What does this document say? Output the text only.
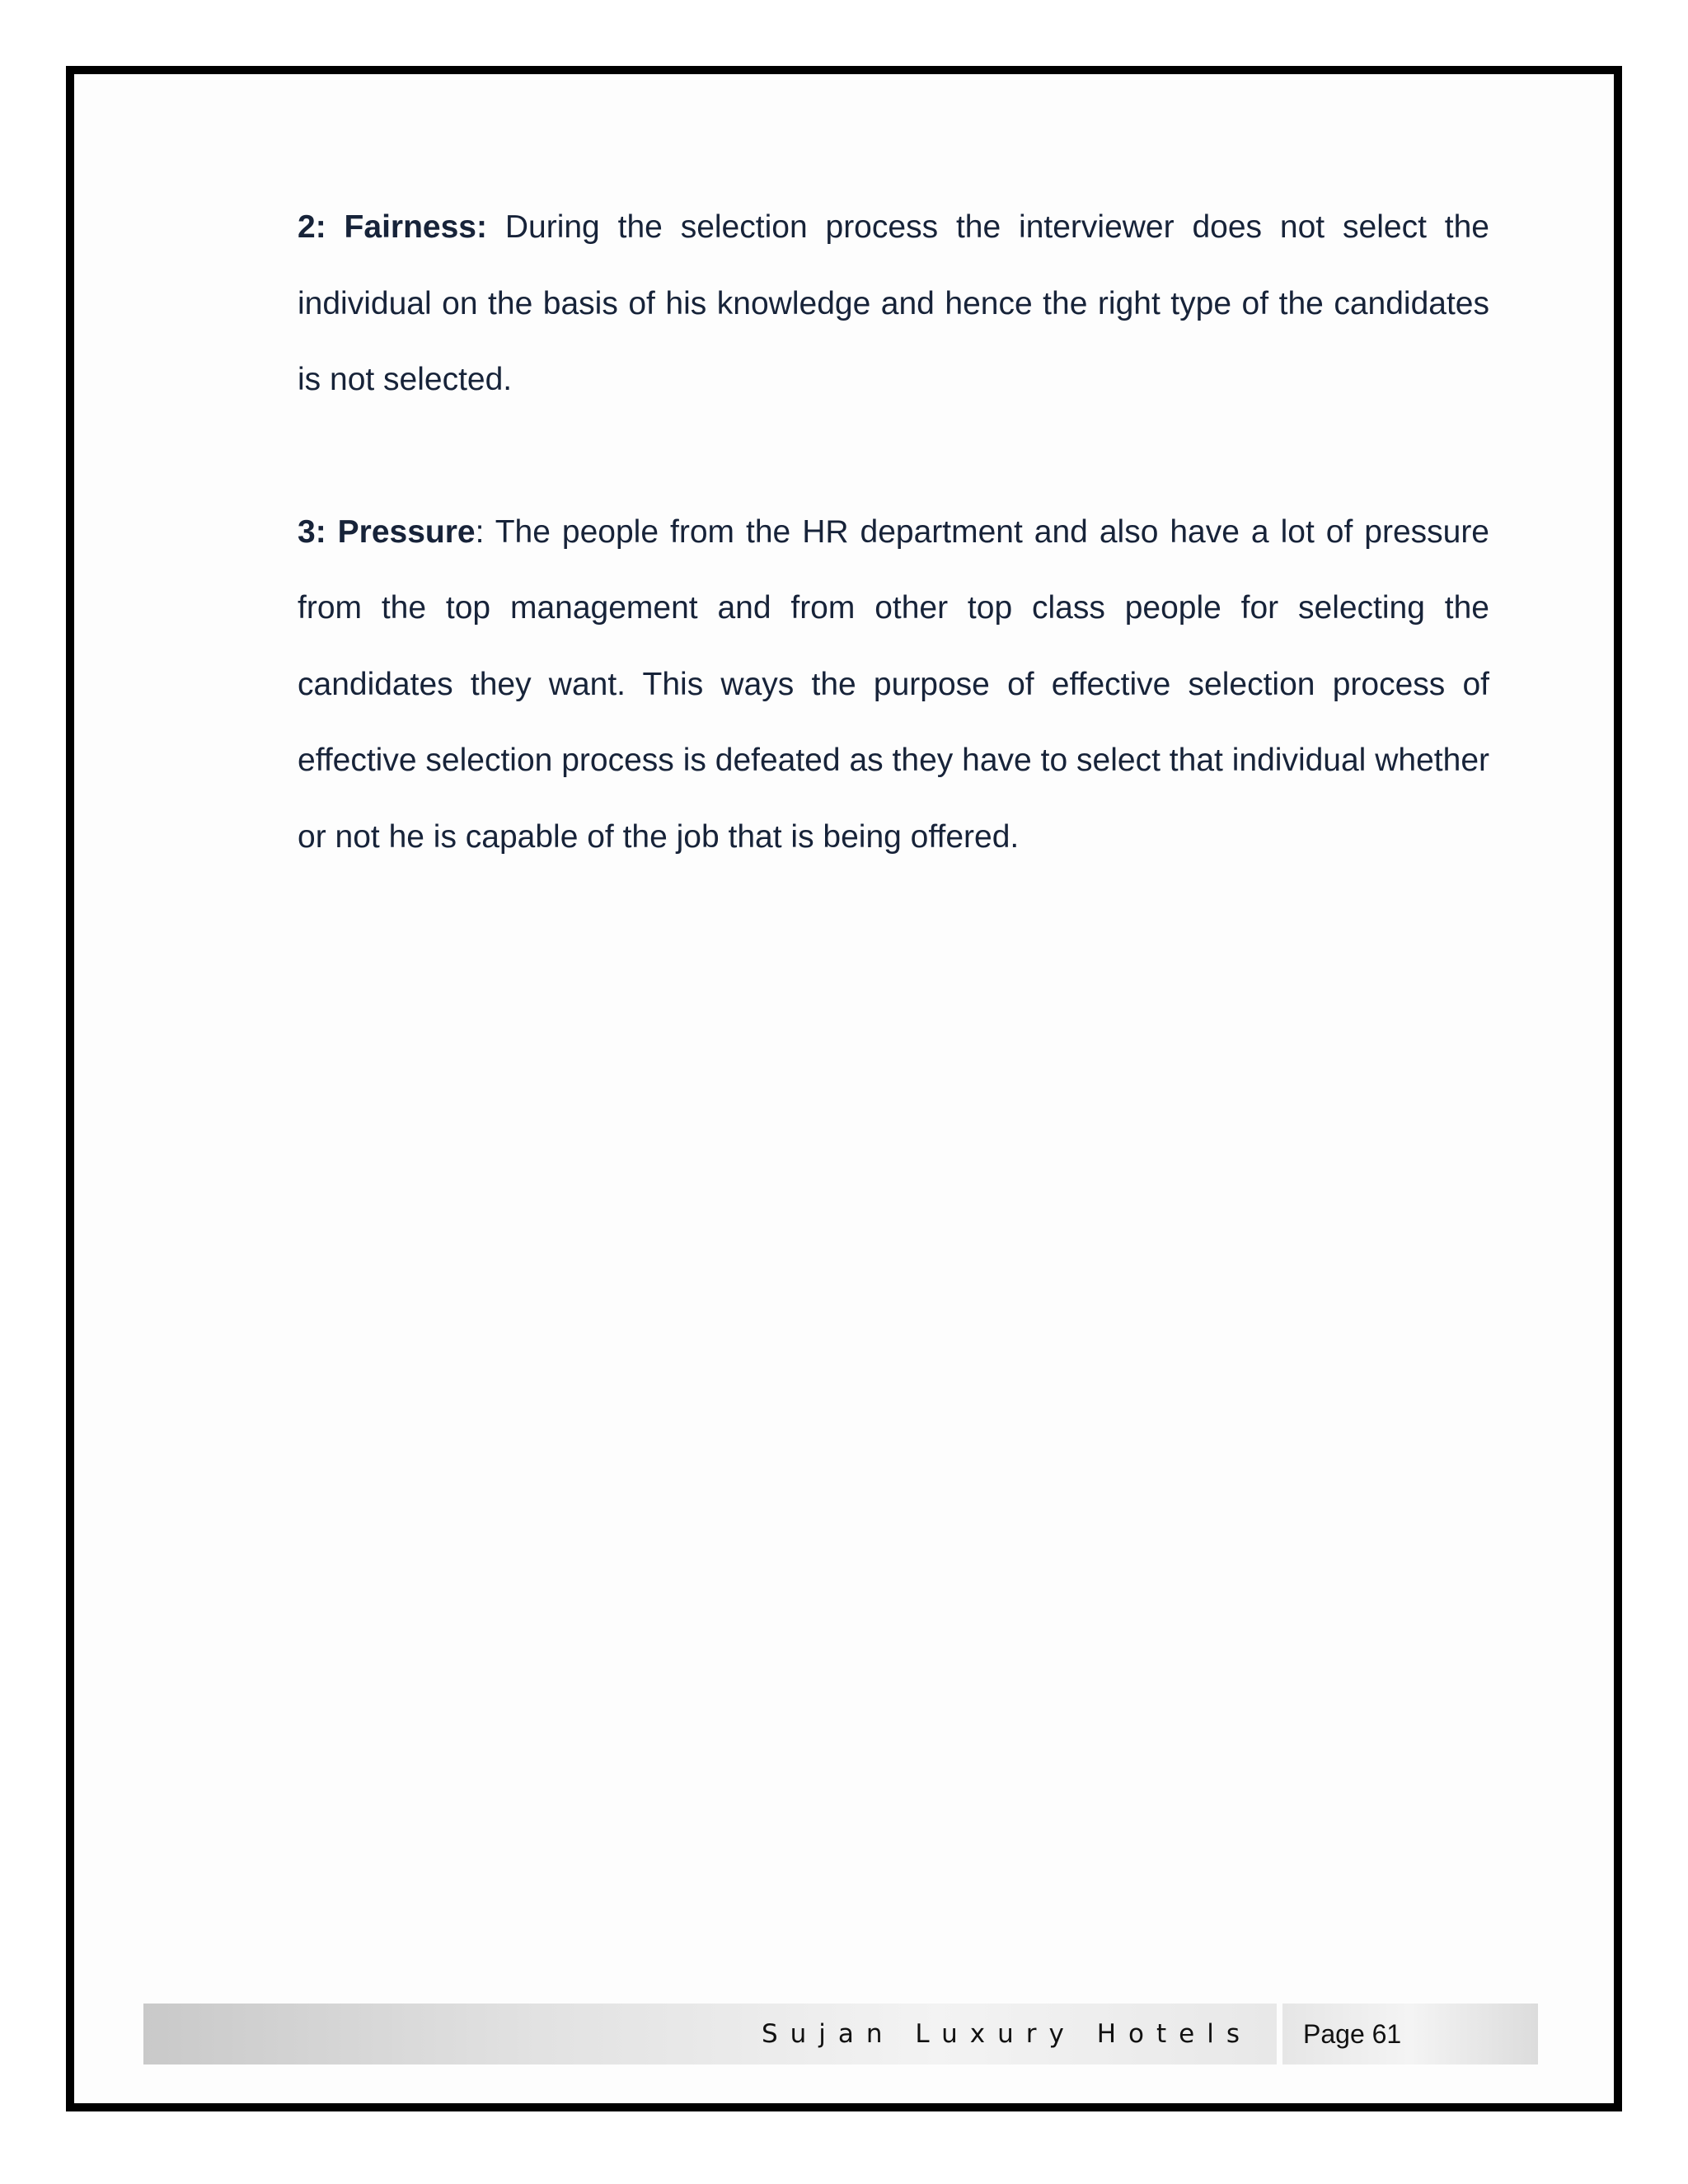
2: Fairness: During the selection process the interviewer does not select the individual on the basis of his knowledge and hence the right type of the candidates is not selected.

3: Pressure: The people from the HR department and also have a lot of pressure from the top management and from other top class people for selecting the candidates they want. This ways the purpose of effective selection process of effective selection process is defeated as they have to select that individual whether or not he is capable of the job that is being offered.

Sujan Luxury Hotels Page 61
